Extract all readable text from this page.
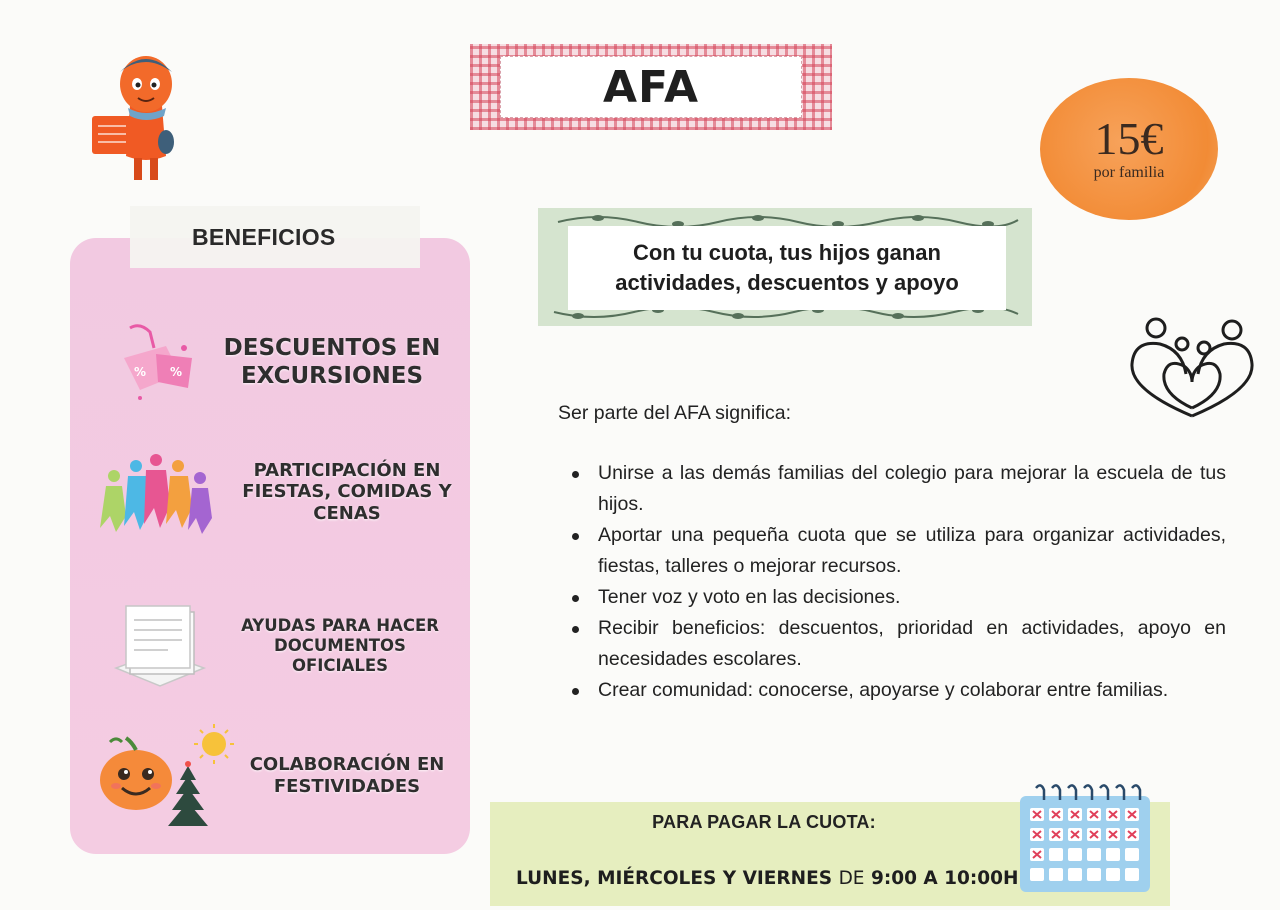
AFA
15€
por familia
BENEFICIOS
% %
DESCUENTOS EN EXCURSIONES
PARTICIPACIÓN EN FIESTAS, COMIDAS Y CENAS
AYUDAS PARA HACER DOCUMENTOS OFICIALES
COLABORACIÓN EN FESTIVIDADES
Con tu cuota, tus hijos ganan
actividades, descuentos y apoyo
Ser parte del AFA significa:
Unirse a las demás familias del colegio para mejorar la escuela de tus hijos.
Aportar una pequeña cuota que se utiliza para organizar actividades, fiestas, talleres o mejorar recursos.
Tener voz y voto en las decisiones.
Recibir beneficios: descuentos, prioridad en actividades, apoyo en necesidades escolares.
Crear comunidad: conocerse, apoyarse y colaborar entre familias.
PARA PAGAR LA CUOTA:
LUNES, MIÉRCOLES Y VIERNES DE 9:00 A 10:00H
